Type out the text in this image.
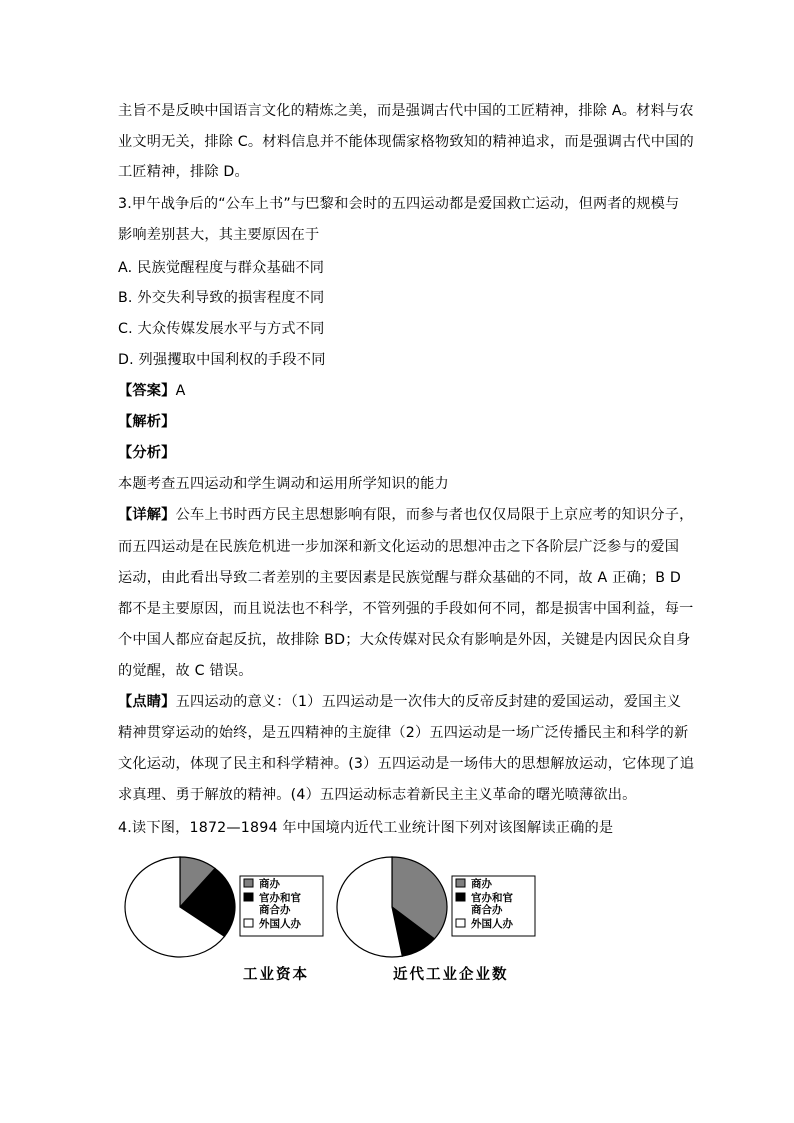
主旨不是反映中国语言文化的精炼之美，而是强调古代中国的工匠精神，排除 A。材料与农
业文明无关，排除 C。材料信息并不能体现儒家格物致知的精神追求，而是强调古代中国的
工匠精神，排除 D。
3.甲午战争后的“公车上书”与巴黎和会时的五四运动都是爱国救亡运动，但两者的规模与
影响差别甚大，其主要原因在于
A. 民族觉醒程度与群众基础不同
B. 外交失利导致的损害程度不同
C. 大众传媒发展水平与方式不同
D. 列强攫取中国利权的手段不同
【答案】A
【解析】
【分析】
本题考查五四运动和学生调动和运用所学知识的能力
【详解】公车上书时西方民主思想影响有限，而参与者也仅仅局限于上京应考的知识分子，
而五四运动是在民族危机进一步加深和新文化运动的思想冲击之下各阶层广泛参与的爱国
运动，由此看出导致二者差别的主要因素是民族觉醒与群众基础的不同，故 A 正确；B D
都不是主要原因，而且说法也不科学，不管列强的手段如何不同，都是损害中国利益，每一
个中国人都应奋起反抗，故排除 BD；大众传媒对民众有影响是外因，关键是内因民众自身
的觉醒，故 C 错误。
【点睛】五四运动的意义：（1）五四运动是一次伟大的反帝反封建的爱国运动，爱国主义
精神贯穿运动的始终，是五四精神的主旋律（2）五四运动是一场广泛传播民主和科学的新
文化运动，体现了民主和科学精神。(3）五四运动是一场伟大的思想解放运动，它体现了追
求真理、勇于解放的精神。(4）五四运动标志着新民主主义革命的曙光喷薄欲出。
4.读下图，1872—1894 年中国境内近代工业统计图下列对该图解读正确的是
商办
官办和官
商合办
外国人办
商办
官办和官
商合办
外国人办
工业资本	近代工业企业数
